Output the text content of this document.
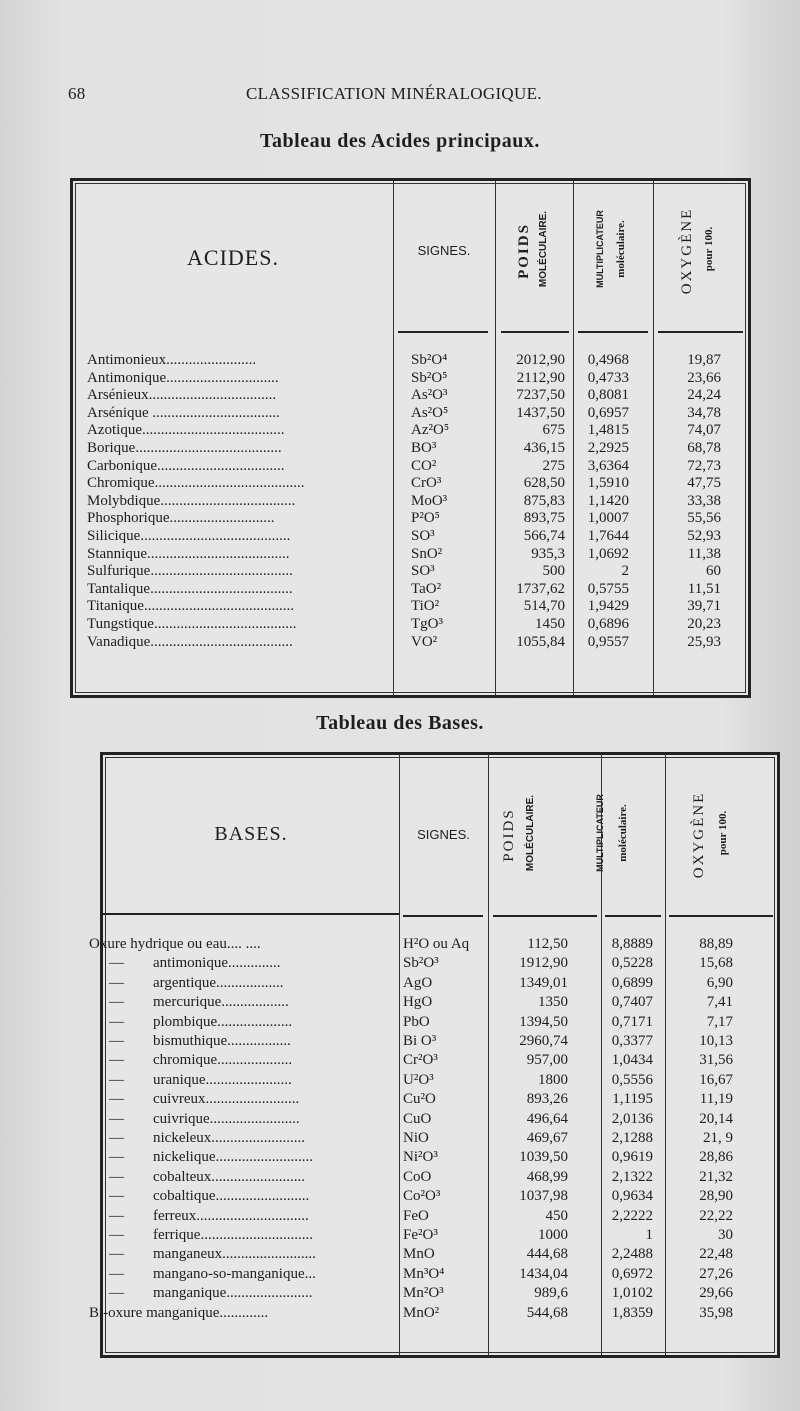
68	CLASSIFICATION MINÉRALOGIQUE.
Tableau des Acides principaux.
ACIDES.	SIGNES.	POIDS MOLÉCULAIRE.	MULTIPLICATEUR moléculaire.	OXYGÈNE pour 100.
Antimonieux........................	Sb²O⁴	2012,90	0,4968	19,87
Antimonique..............................	Sb²O⁵	2112,90	0,4733	23,66
Arsénieux..................................	As²O³	7237,50	0,8081	24,24
Arsénique ..................................	As²O⁵	1437,50	0,6957	34,78
Azotique......................................	Az²O⁵	675	1,4815	74,07
Borique.......................................	BO³	436,15	2,2925	68,78
Carbonique..................................	CO²	275	3,6364	72,73
Chromique........................................	CrO³	628,50	1,5910	47,75
Molybdique....................................	MoO³	875,83	1,1420	33,38
Phosphorique............................	P²O⁵	893,75	1,0007	55,56
Silicique........................................	SO³	566,74	1,7644	52,93
Stannique......................................	SnO²	935,3	1,0692	11,38
Sulfurique......................................	SO³	500	2	60
Tantalique......................................	TaO²	1737,62	0,5755	11,51
Titanique........................................	TiO²	514,70	1,9429	39,71
Tungstique......................................	TgO³	1450	0,6896	20,23
Vanadique......................................	VO²	1055,84	0,9557	25,93
Tableau des Bases.
BASES.	SIGNES.	POIDS MOLÉCULAIRE.	MULTIPLICATEUR	moléculaire.	OXYGÈNE pour 100.
Oxure hydrique ou eau.... ....	H²O ou Aq	112,50	8,8889	88,89
— antimonique..............	Sb²O³	1912,90	0,5228	15,68
— argentique..................	AgO	1349,01	0,6899	6,90
— mercurique..................	HgO	1350	0,7407	7,41
— plombique....................	PbO	1394,50	0,7171	7,17
— bismuthique.................	Bi O³	2960,74	0,3377	10,13
— chromique....................	Cr²O³	957,00	1,0434	31,56
— uranique.......................	U²O³	1800	0,5556	16,67
— cuivreux.........................	Cu²O	893,26	1,1195	11,19
— cuivrique........................	CuO	496,64	2,0136	20,14
— nickeleux.........................	NiO	469,67	2,1288	21, 9
— nickelique..........................	Ni²O³	1039,50	0,9619	28,86
— cobalteux.........................	CoO	468,99	2,1322	21,32
— cobaltique.........................	Co²O³	1037,98	0,9634	28,90
— ferreux..............................	FeO	450	2,2222	22,22
— ferrique..............................	Fe²O³	1000	1	30
— manganeux.........................	MnO	444,68	2,2488	22,48
— mangano-so-manganique...	Mn³O⁴	1434,04	0,6972	27,26
— manganique.......................	Mn²O³	989,6	1,0102	29,66
Bi-oxure manganique.............	MnO²	544,68	1,8359	35,98
